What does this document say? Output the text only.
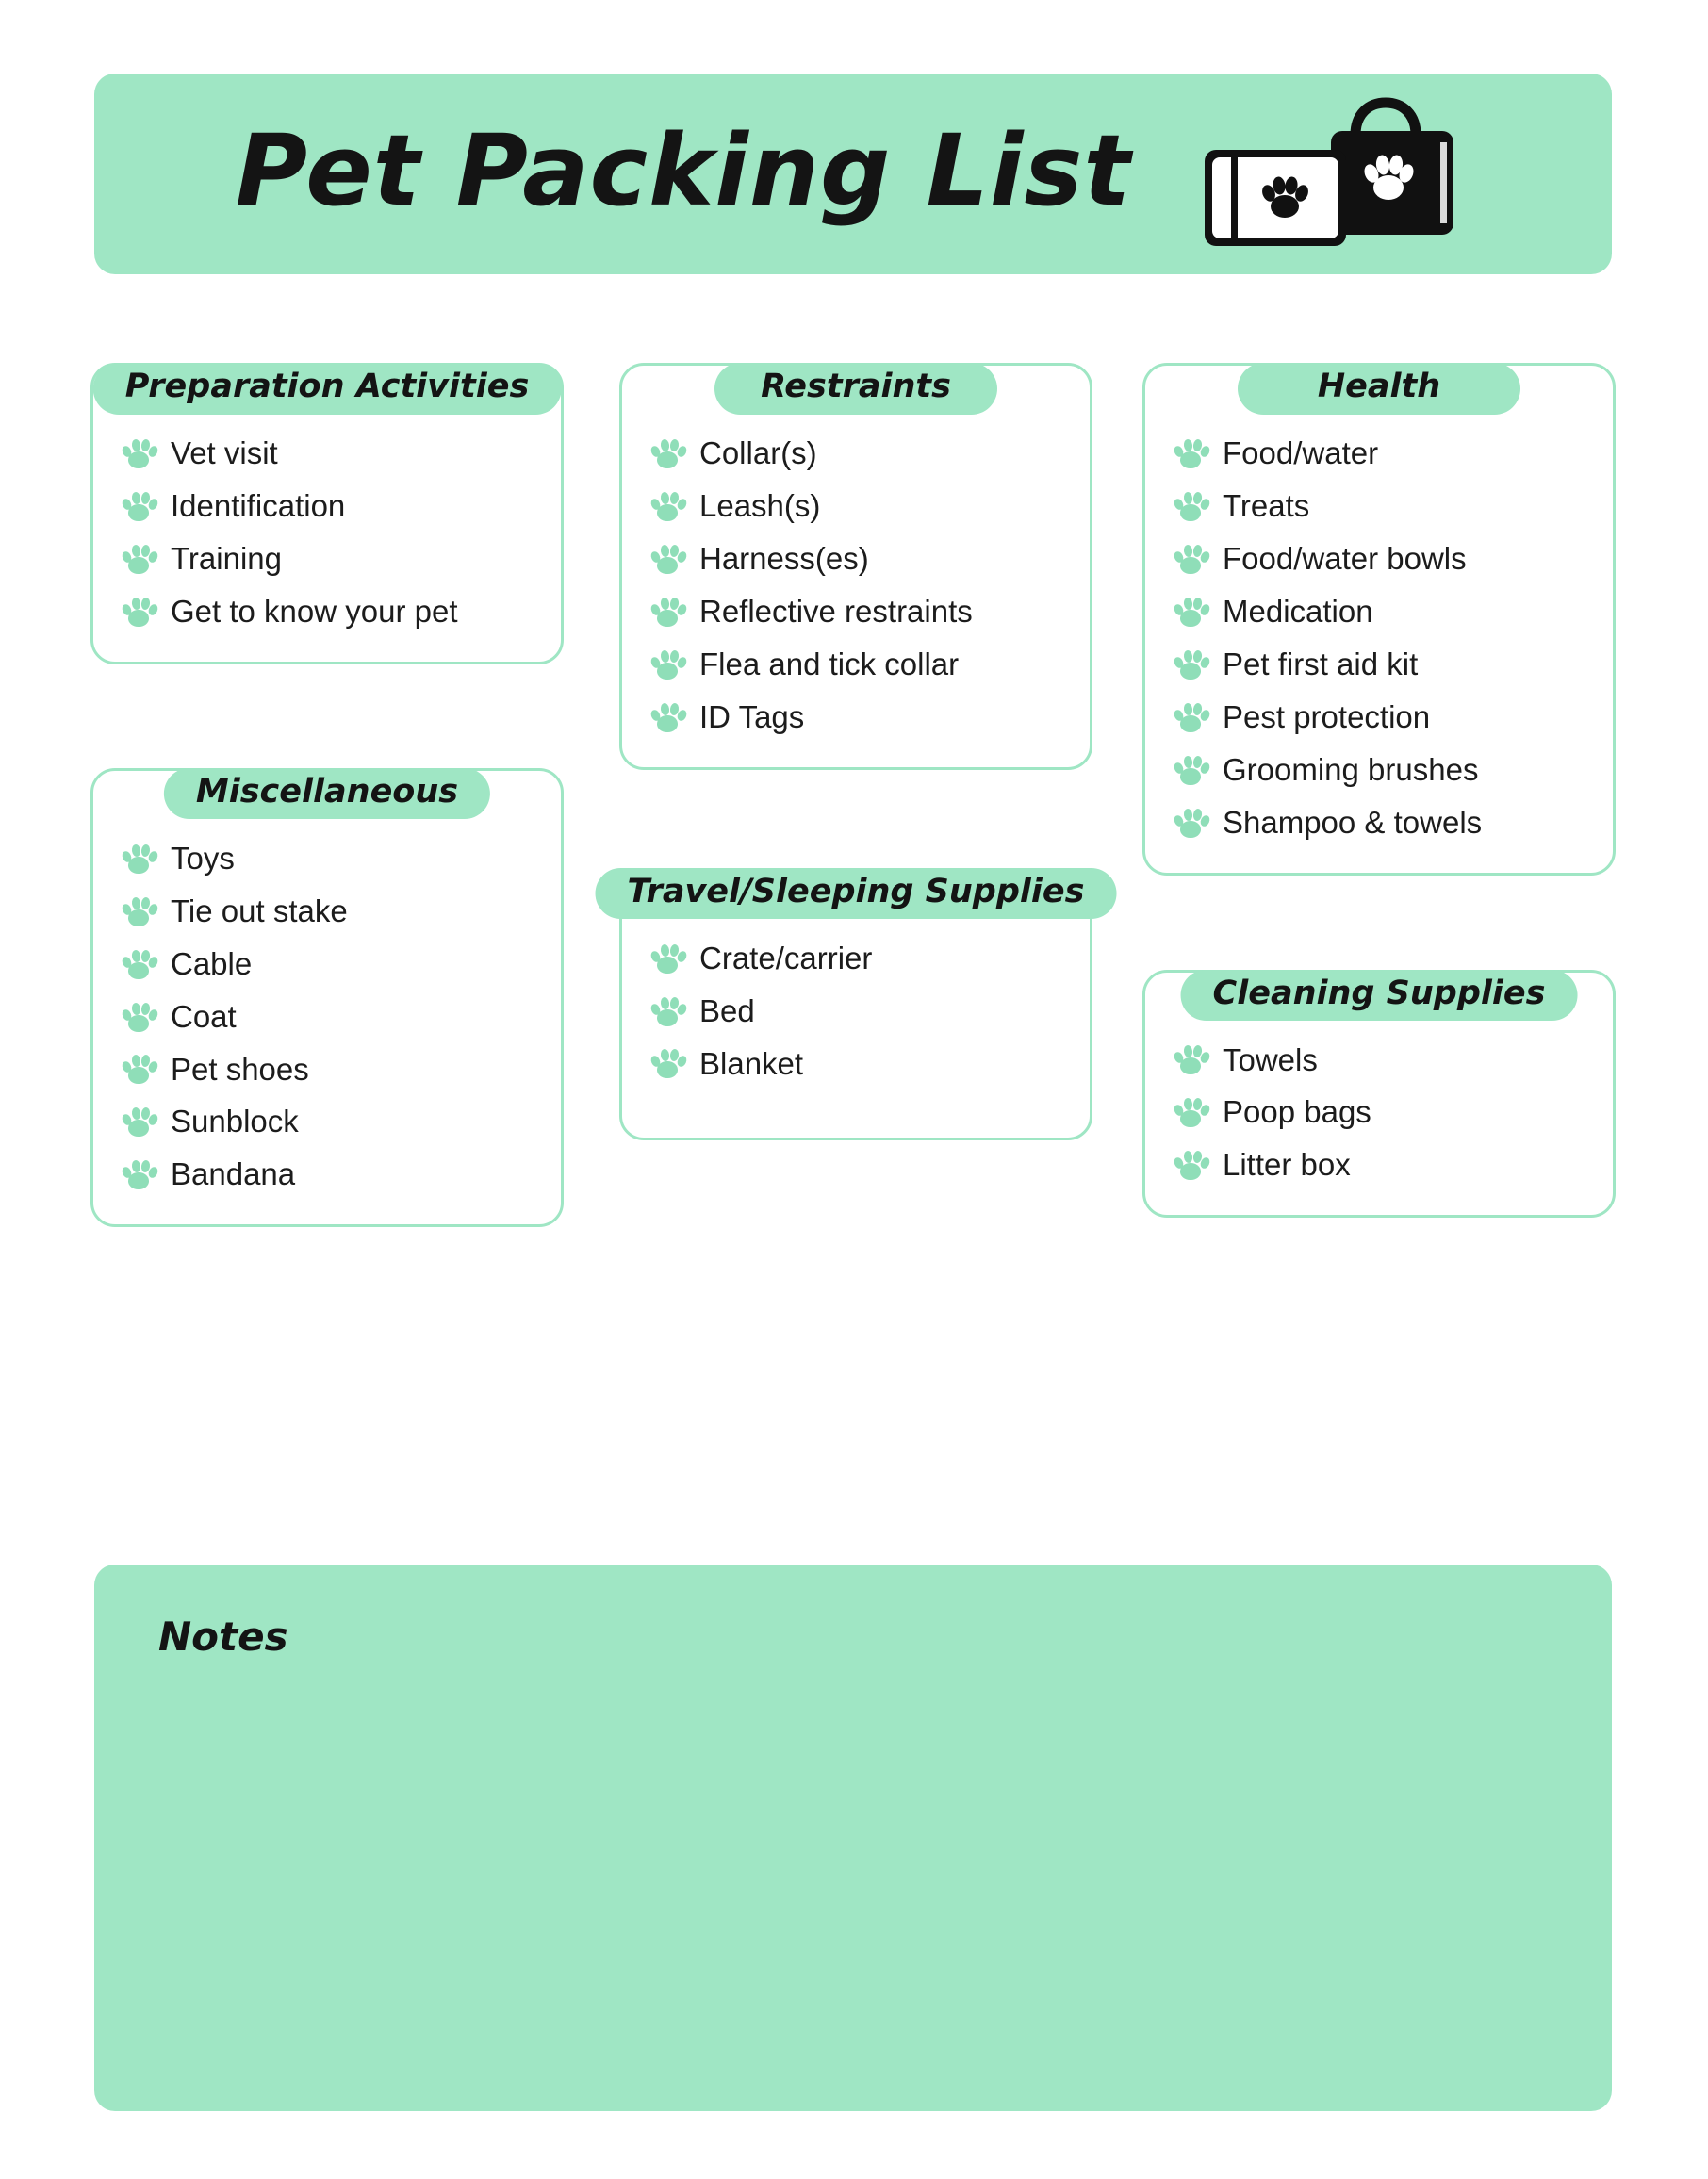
Pet Packing List
Preparation Activities
Vet visit
Identification
Training
Get to know your pet
Miscellaneous
Toys
Tie out stake
Cable
Coat
Pet shoes
Sunblock
Bandana
Restraints
Collar(s)
Leash(s)
Harness(es)
Reflective restraints
Flea and tick collar
ID Tags
Travel/Sleeping Supplies
Crate/carrier
Bed
Blanket
Health
Food/water
Treats
Food/water bowls
Medication
Pet first aid kit
Pest protection
Grooming brushes
Shampoo & towels
Cleaning Supplies
Towels
Poop bags
Litter box
Notes
